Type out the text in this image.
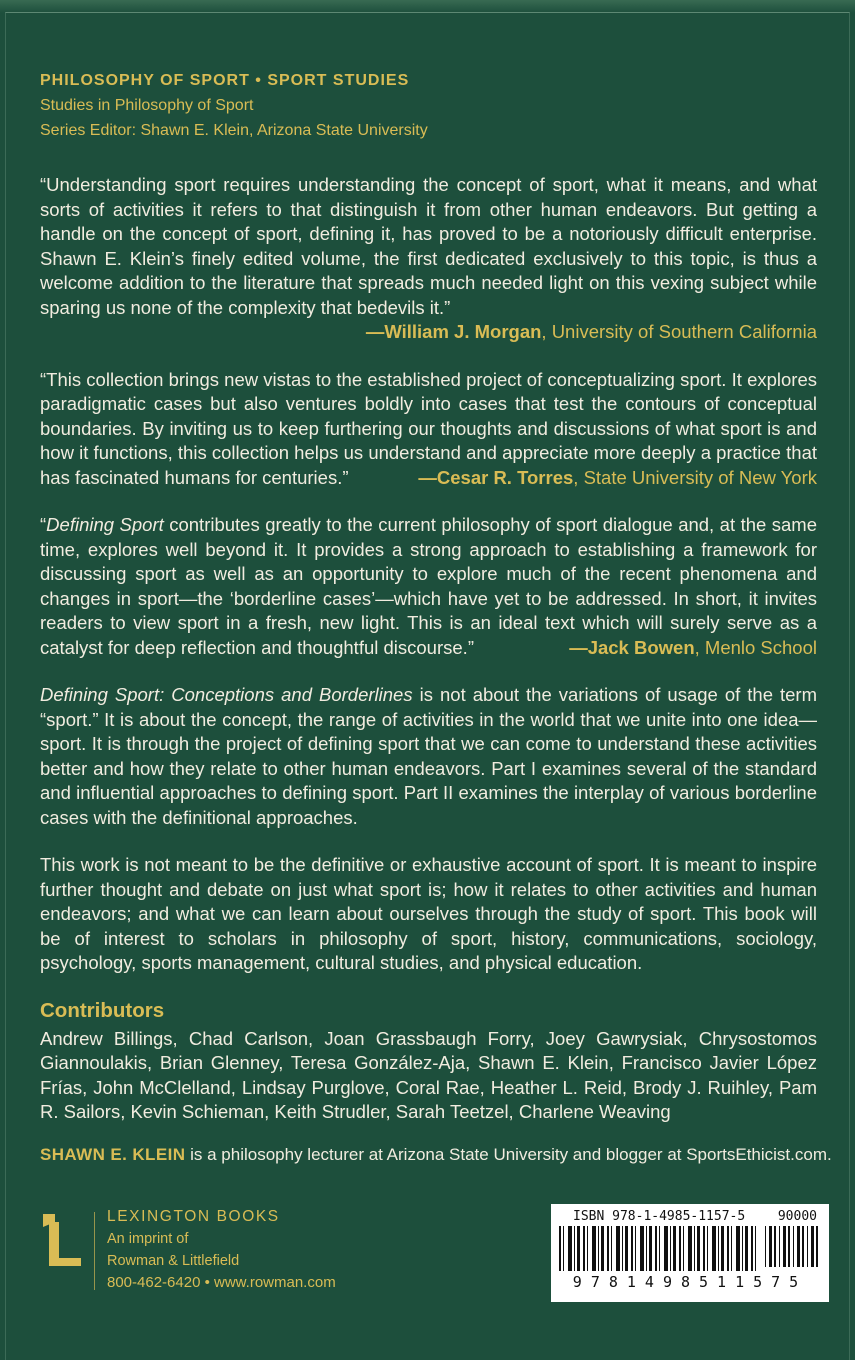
PHILOSOPHY OF SPORT • SPORT STUDIES
Studies in Philosophy of Sport
Series Editor: Shawn E. Klein, Arizona State University

“Understanding sport requires understanding the concept of sport, what it means, and what sorts of activities it refers to that distinguish it from other human endeavors. But getting a handle on the concept of sport, defining it, has proved to be a notoriously difficult enterprise. Shawn E. Klein’s finely edited volume, the first dedicated exclusively to this topic, is thus a welcome addition to the literature that spreads much needed light on this vexing subject while sparing us none of the complexity that bedevils it.”
—William J. Morgan, University of Southern California

“This collection brings new vistas to the established project of conceptualizing sport. It explores paradigmatic cases but also ventures boldly into cases that test the contours of conceptual boundaries. By inviting us to keep furthering our thoughts and discussions of what sport is and how it functions, this collection helps us understand and appreciate more deeply a practice that has fascinated humans for centuries.”	—Cesar R. Torres, State University of New York

“Defining Sport contributes greatly to the current philosophy of sport dialogue and, at the same time, explores well beyond it. It provides a strong approach to establishing a framework for discussing sport as well as an opportunity to explore much of the recent phenomena and changes in sport—the ‘borderline cases’—which have yet to be addressed. In short, it invites readers to view sport in a fresh, new light. This is an ideal text which will surely serve as a catalyst for deep reflection and thoughtful discourse.”	—Jack Bowen, Menlo School

Defining Sport: Conceptions and Borderlines is not about the variations of usage of the term “sport.” It is about the concept, the range of activities in the world that we unite into one idea—sport. It is through the project of defining sport that we can come to understand these activities better and how they relate to other human endeavors. Part I examines several of the standard and influential approaches to defining sport. Part II examines the interplay of various borderline cases with the definitional approaches.

This work is not meant to be the definitive or exhaustive account of sport. It is meant to inspire further thought and debate on just what sport is; how it relates to other activities and human endeavors; and what we can learn about ourselves through the study of sport. This book will be of interest to scholars in philosophy of sport, history, communications, sociology, psychology, sports management, cultural studies, and physical education.

Contributors

Andrew Billings, Chad Carlson, Joan Grassbaugh Forry, Joey Gawrysiak, Chrysostomos Giannoulakis, Brian Glenney, Teresa González-Aja, Shawn E. Klein, Francisco Javier López Frías, John McClelland, Lindsay Purglove, Coral Rae, Heather L. Reid, Brody J. Ruihley, Pam R. Sailors, Kevin Schieman, Keith Strudler, Sarah Teetzel, Charlene Weaving

SHAWN E. KLEIN is a philosophy lecturer at Arizona State University and blogger at SportsEthicist.com.
LEXINGTON BOOKS
An imprint of
Rowman & Littlefield
800-462-6420 • www.rowman.com
ISBN 978-1-4985-1157-5	90000
9781498511575
